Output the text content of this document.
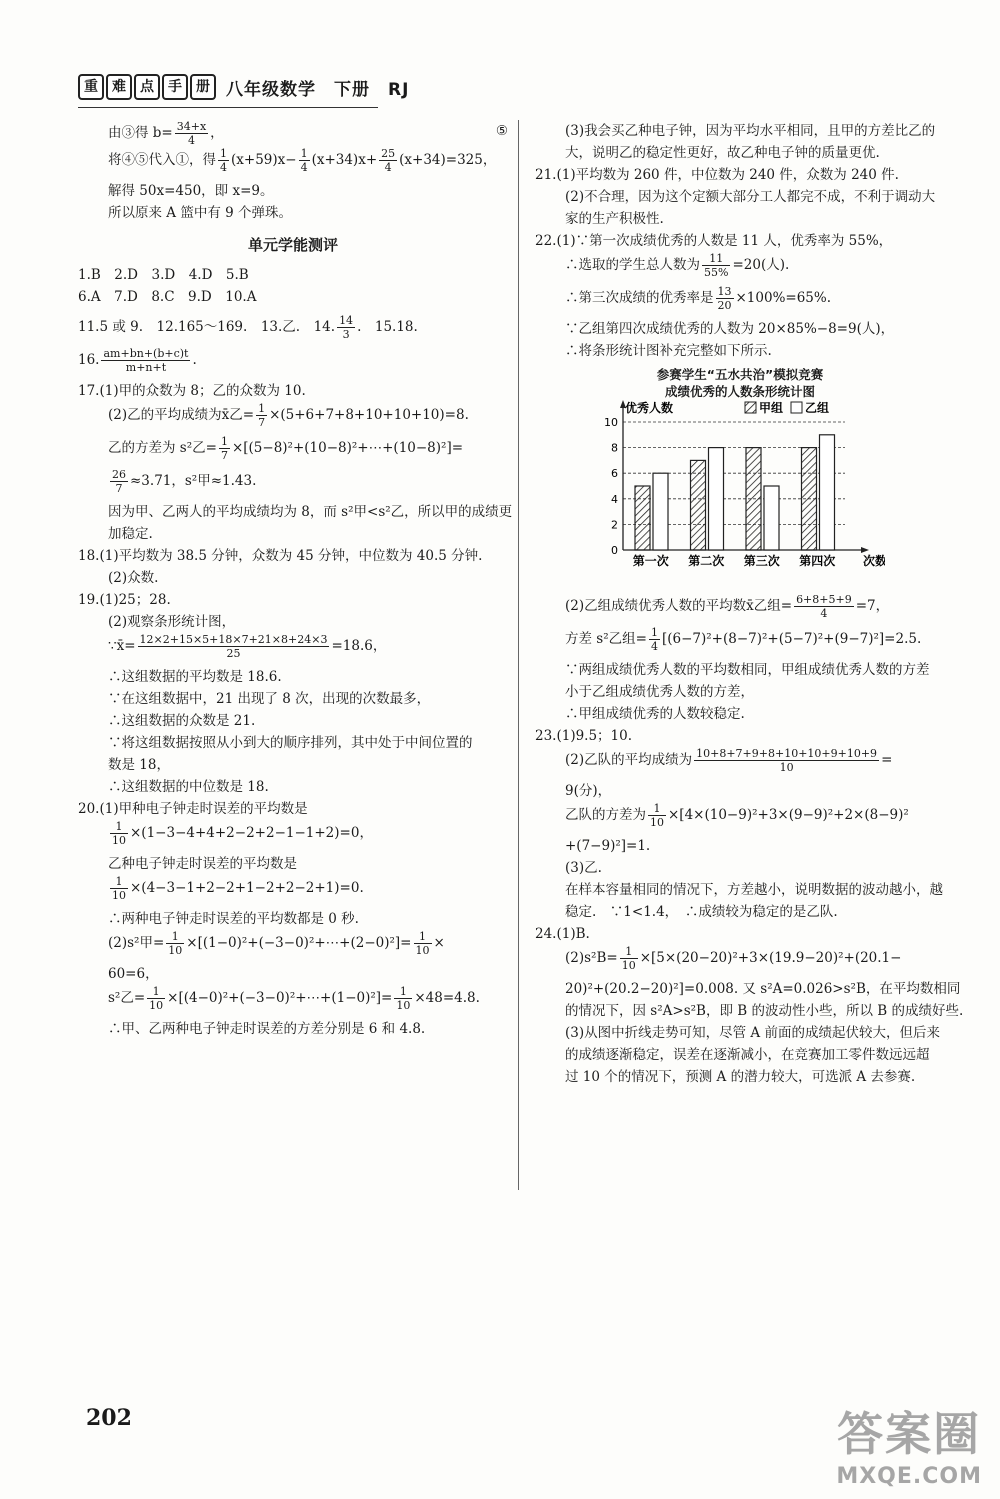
重	难	点	手	册 八年级数学　下册　RJ
由③得 $b= \frac{34+x}{4}$ ，	⑤
将④⑤代入①，得 $\frac{1}{4} (x+59)x- \frac{1}{4} (x+34)x+ \frac{25}{4} (x+34)=325$，
解得 50x=450，即 x=9。
所以原来 A 篮中有 9 个弹珠。
单元学能测评
1.B　2.D　3.D　4.D　5.B
6.A　7.D　8.C　9.D　10.A
11.5 或 9.　12.165～169.　13.乙.　14. $\frac{14}{3}$ .　15.18.
16. $\frac{am+bn+(b+c)t}{m+n+t}$ .
17.(1)甲的众数为 8；乙的众数为 10.
(2)乙的平均成绩为x̄乙= $\frac{1}{7} \times(5+6+7+8+10+10+10)=8$.
乙的方差为 s²乙= $\frac{1}{7}$ ×[(5−8)²+(10−8)²+⋯+(10−8)²]=
$\frac{26}{7} \approx 3.71$，s²甲≈1.43.
因为甲、乙两人的平均成绩均为 8，而 s²甲<s²乙，所以甲的成绩更
加稳定.
18.(1)平均数为 38.5 分钟，众数为 45 分钟，中位数为 40.5 分钟.
(2)众数.
19.(1)25；28.
(2)观察条形统计图，
∵x̄= $\frac{12\times 2+15\times 5+18\times 7+21\times 8+24\times 3}{25} =18.6$，
∴这组数据的平均数是 18.6.
∵在这组数据中，21 出现了 8 次，出现的次数最多，
∴这组数据的众数是 21.
∵将这组数据按照从小到大的顺序排列，其中处于中间位置的
数是 18，
∴这组数据的中位数是 18.
20.(1)甲种电子钟走时误差的平均数是
$\frac{1}{10} \times(1-3-4+4+2-2+2-1-1+2)=0$，
乙种电子钟走时误差的平均数是
$\frac{1}{10} \times(4-3-1+2-2+1-2+2-2+1)=0$.
∴两种电子钟走时误差的平均数都是 0 秒.
(2)s²甲= $\frac{1}{10}$ ×[(1−0)²+(−3−0)²+⋯+(2−0)²]= $\frac{1}{10}$ ×
60=6，
s²乙= $\frac{1}{10}$ ×[(4−0)²+(−3−0)²+⋯+(1−0)²]= $\frac{1}{10} \times 48=4.8$.
∴甲、乙两种电子钟走时误差的方差分别是 6 和 4.8.
(3)我会买乙种电子钟，因为平均水平相同，且甲的方差比乙的
大，说明乙的稳定性更好，故乙种电子钟的质量更优.
21.(1)平均数为 260 件，中位数为 240 件，众数为 240 件.
(2)不合理，因为这个定额大部分工人都完不成，不利于调动大
家的生产积极性.
22.(1)∵第一次成绩优秀的人数是 11 人，优秀率为 55%，
∴选取的学生总人数为 $\frac{11}{55\%} =20$(人).
∴第三次成绩的优秀率是 $\frac{13}{20} \times 100\%=65\%$.
∵乙组第四次成绩优秀的人数为 20×85%−8=9(人)，
∴将条形统计图补充完整如下所示.
参赛学生“五水共治”模拟竞赛
成绩优秀的人数条形统计图
0
2
4
6
8
10
优秀人数	甲组 乙组
第一次 第二次 第三次 第四次 次数
(2)乙组成绩优秀人数的平均数x̄乙组= $\frac{6+8+5+9}{4} =7$，
方差 s²乙组= $\frac{1}{4} [(6-7)^2+(8-7)^2+(5-7)^2+(9-7)^2]=2.5$.
∵两组成绩优秀人数的平均数相同，甲组成绩优秀人数的方差
小于乙组成绩优秀人数的方差，
∴甲组成绩优秀的人数较稳定.
23.(1)9.5；10.
(2)乙队的平均成绩为 $\frac{10+8+7+9+8+10+10+9+10+9}{10}$ =
9(分)，
乙队的方差为 $\frac{1}{10} \times[4\times(10-9)^2+3\times(9-9)^2+2\times(8-9)^2$
+(7−9)²]=1.
(3)乙.
在样本容量相同的情况下，方差越小，说明数据的波动越小，越
稳定.　∵1<1.4，　∴成绩较为稳定的是乙队.
24.(1)B.
$(2)s^2B= \frac{1}{10} \times[5\times(20-20)^2+3\times(19.9-20)^2+(20.1-$
20)²+(20.2−20)²]=0.008. 又 s²A=0.026>s²B，在平均数相同
的情况下，因 s²A>s²B，即 B 的波动性小些，所以 B 的成绩好些.
(3)从图中折线走势可知，尽管 A 前面的成绩起伏较大，但后来
的成绩逐渐稳定，误差在逐渐减小，在竞赛加工零件数远远超
过 10 个的情况下，预测 A 的潜力较大，可选派 A 去参赛.
202	答案圈
MXQE.COM
